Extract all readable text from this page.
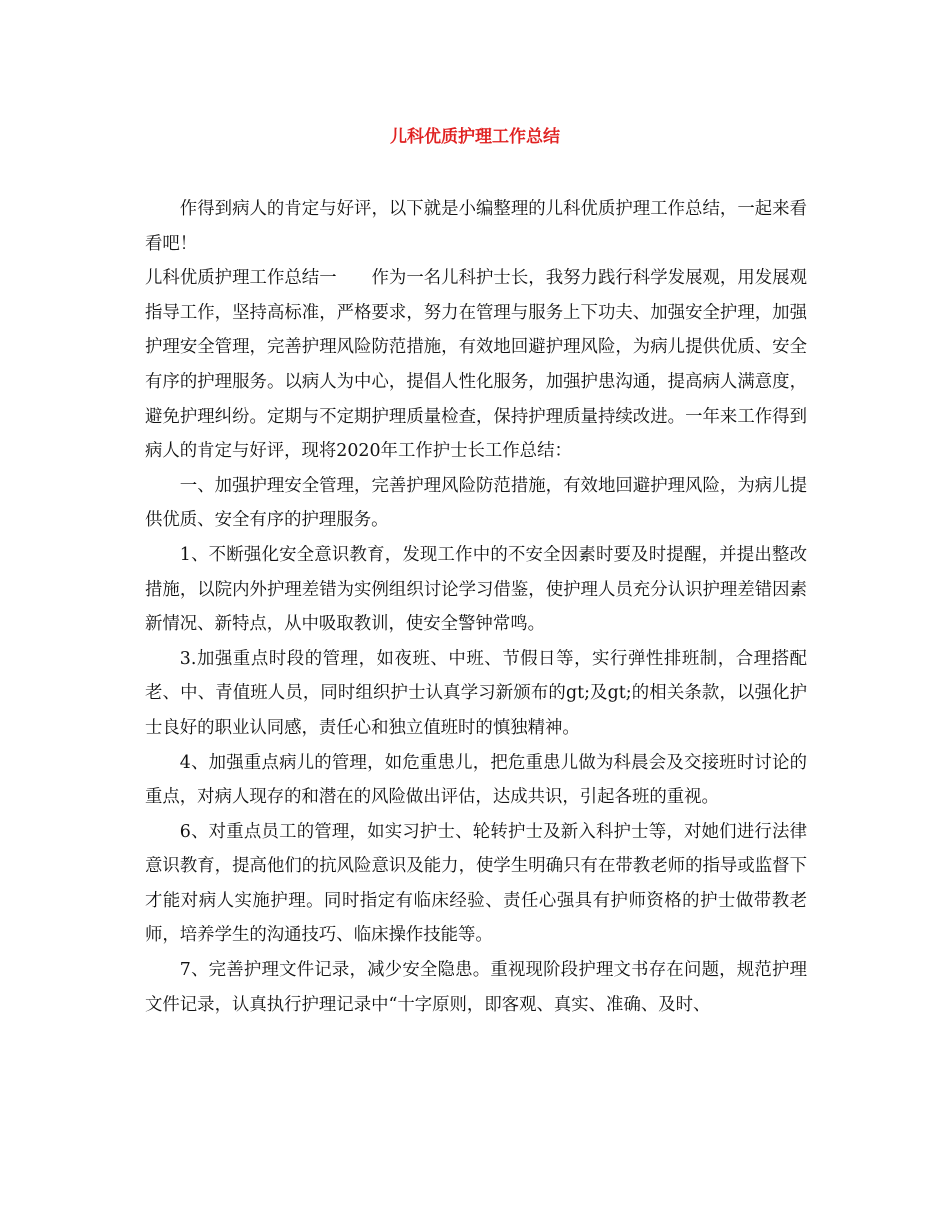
儿科优质护理工作总结

作得到病人的肯定与好评，以下就是小编整理的儿科优质护理工作总结，一起来看看吧！

儿科优质护理工作总结一　　作为一名儿科护士长，我努力践行科学发展观，用发展观指导工作，坚持高标准，严格要求，努力在管理与服务上下功夫、加强安全护理，加强护理安全管理，完善护理风险防范措施，有效地回避护理风险，为病儿提供优质、安全有序的护理服务。以病人为中心，提倡人性化服务，加强护患沟通，提高病人满意度，避免护理纠纷。定期与不定期护理质量检查，保持护理质量持续改进。一年来工作得到病人的肯定与好评，现将2020年工作护士长工作总结：

一、加强护理安全管理，完善护理风险防范措施，有效地回避护理风险，为病儿提供优质、安全有序的护理服务。

1、不断强化安全意识教育，发现工作中的不安全因素时要及时提醒，并提出整改措施，以院内外护理差错为实例组织讨论学习借鉴，使护理人员充分认识护理差错因素新情况、新特点，从中吸取教训，使安全警钟常鸣。

3.加强重点时段的管理，如夜班、中班、节假日等，实行弹性排班制，合理搭配老、中、青值班人员，同时组织护士认真学习新颁布的gt;及gt;的相关条款，以强化护士良好的职业认同感，责任心和独立值班时的慎独精神。

4、加强重点病儿的管理，如危重患儿，把危重患儿做为科晨会及交接班时讨论的重点，对病人现存的和潜在的风险做出评估，达成共识，引起各班的重视。

6、对重点员工的管理，如实习护士、轮转护士及新入科护士等，对她们进行法律意识教育，提高他们的抗风险意识及能力，使学生明确只有在带教老师的指导或监督下才能对病人实施护理。同时指定有临床经验、责任心强具有护师资格的护士做带教老师，培养学生的沟通技巧、临床操作技能等。

7、完善护理文件记录，减少安全隐患。重视现阶段护理文书存在问题，规范护理文件记录，认真执行护理记录中“十字原则，即客观、真实、准确、及时、
